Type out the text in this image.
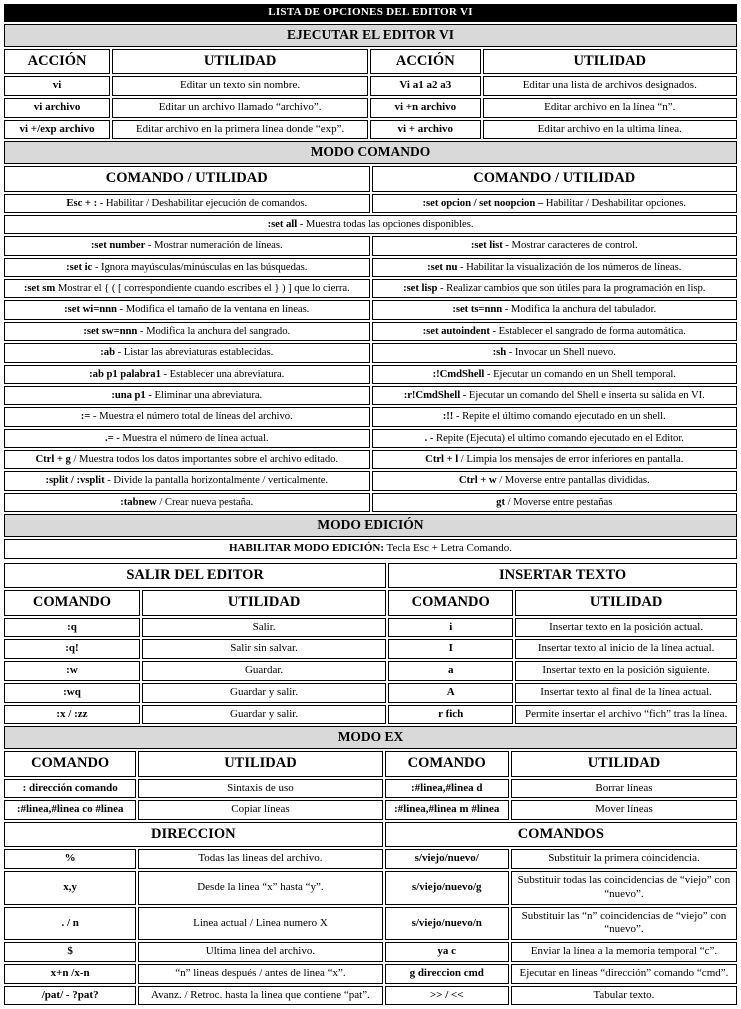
LISTA DE OPCIONES DEL EDITOR VI
EJECUTAR EL EDITOR VI
ACCIÓN	UTILIDAD	ACCIÓN	UTILIDAD
vi	Editar un texto sin nombre.	Vi a1 a2 a3	Editar una lista de archivos designados.
vi archivo	Editar un archivo llamado “archivo”.	vi +n archivo	Editar archivo en la línea “n”.
vi +/exp archivo	Editar archivo en la primera línea donde “exp”.	vi + archivo	Editar archivo en la ultima línea.
MODO COMANDO
COMANDO / UTILIDAD	COMANDO / UTILIDAD
Esc + : - Habilitar / Deshabilitar ejecución de comandos.	:set opcion / set noopcion – Habilitar / Deshabilitar opciones.
:set all - Muestra todas las opciones disponibles.	
:set number - Mostrar numeración de líneas.	:set list - Mostrar caracteres de control.
:set ic - Ignora mayúsculas/minúsculas en las búsquedas.	:set nu - Habilitar la visualización de los números de líneas.
:set sm Mostrar el { ( [ correspondiente cuando escribes el } ) ] que lo cierra.	:set lisp - Realizar cambios que son útiles para la programación en lisp.
:set wi=nnn - Modifica el tamaño de la ventana en líneas.	:set ts=nnn - Modifica la anchura del tabulador.
:set sw=nnn - Modifica la anchura del sangrado.	:set autoindent - Establecer el sangrado de forma automática.
:ab - Listar las abreviaturas establecidas.	:sh - Invocar un Shell nuevo.
:ab p1 palabra1 - Establecer una abreviatura.	:!CmdShell - Ejecutar un comando en un Shell temporal.
:una p1 - Eliminar una abreviatura.	:r!CmdShell - Ejecutar un comando del Shell e inserta su salida en VI.
:= - Muestra el número total de líneas del archivo.	:!! - Repite el último comando ejecutado en un shell.
.= - Muestra el número de línea actual.	. - Repite (Ejecuta) el ultimo comando ejecutado en el Editor.
Ctrl + g / Muestra todos los datos importantes sobre el archivo editado.	Ctrl + l / Limpia los mensajes de error inferiores en pantalla.
:split / :vsplit - Divide la pantalla horizontalmente / verticalmente.	Ctrl + w / Moverse entre pantallas divididas.
:tabnew / Crear nueva pestaña.	gt / Moverse entre pestañas
MODO EDICIÓN
HABILITAR MODO EDICIÓN: Tecla Esc + Letra Comando.
SALIR DEL EDITOR		INSERTAR TEXTO	
COMANDO	UTILIDAD	COMANDO	UTILIDAD
:q	Salir.	i	Insertar texto en la posición actual.
:q!	Salir sin salvar.	I	Insertar texto al inicio de la línea actual.
:w	Guardar.	a	Insertar texto en la posición siguiente.
:wq	Guardar y salir.	A	Insertar texto al final de la línea actual.
:x / :zz	Guardar y salir.	r fich	Permite insertar el archivo “fich” tras la línea.
MODO EX
COMANDO	UTILIDAD	COMANDO	UTILIDAD
: dirección comando	Sintaxis de uso	:#linea,#linea d	Borrar líneas
:#linea,#linea co #linea	Copiar líneas	:#linea,#linea m #linea	Mover líneas
DIRECCION		COMANDOS	
%	Todas las lineas del archivo.	s/viejo/nuevo/	Substituir la primera coincidencia.
x,y	Desde la linea “x” hasta “y”.	s/viejo/nuevo/g	Substituir todas las coincidencias de “viejo” con “nuevo”.
. / n	Linea actual / Linea numero X	s/viejo/nuevo/n	Substituir las “n” coincidencias de “viejo” con “nuevo”.
$	Ultima linea del archivo.	ya c	Enviar la línea a la memoria temporal “c”.
x+n /x-n	“n” lineas después / antes de linea “x”.	g direccion cmd	Ejecutar en lineas “dirección” comando “cmd”.
/pat/ - ?pat?	Avanz. / Retroc. hasta la linea que contiene “pat”.	>> / <<	Tabular texto.
